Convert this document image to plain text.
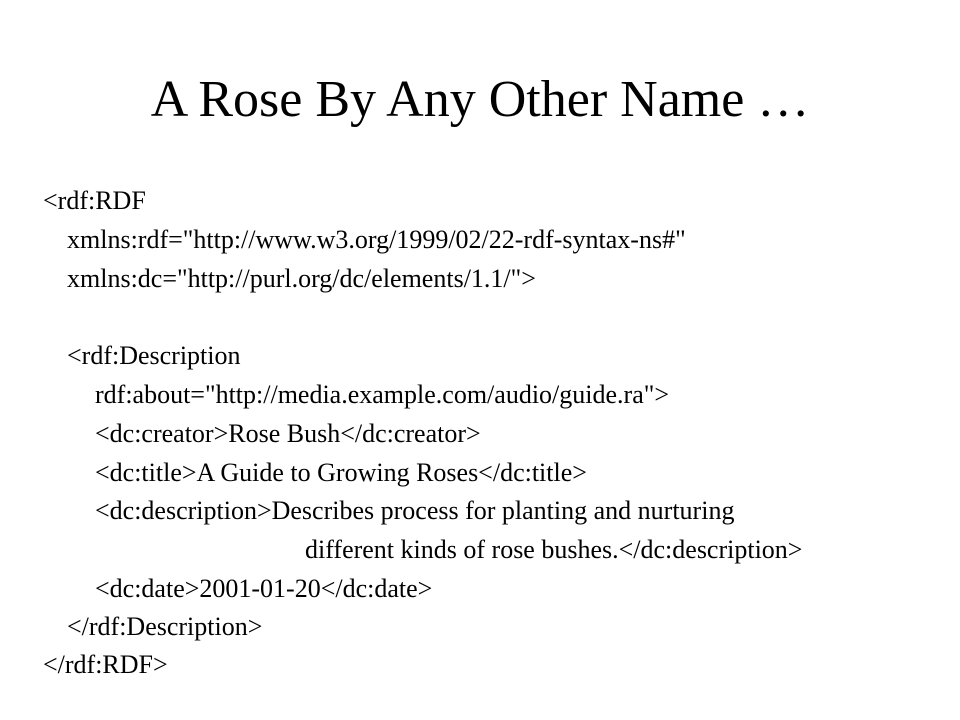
A Rose By Any Other Name …
<rdf:RDF
xmlns:rdf="http://www.w3.org/1999/02/22-rdf-syntax-ns#"
xmlns:dc="http://purl.org/dc/elements/1.1/">
<rdf:Description
rdf:about="http://media.example.com/audio/guide.ra">
<dc:creator>Rose Bush</dc:creator>
<dc:title>A Guide to Growing Roses</dc:title>
<dc:description>Describes process for planting and nurturing
different kinds of rose bushes.</dc:description>
<dc:date>2001-01-20</dc:date>
</rdf:Description>
</rdf:RDF>
